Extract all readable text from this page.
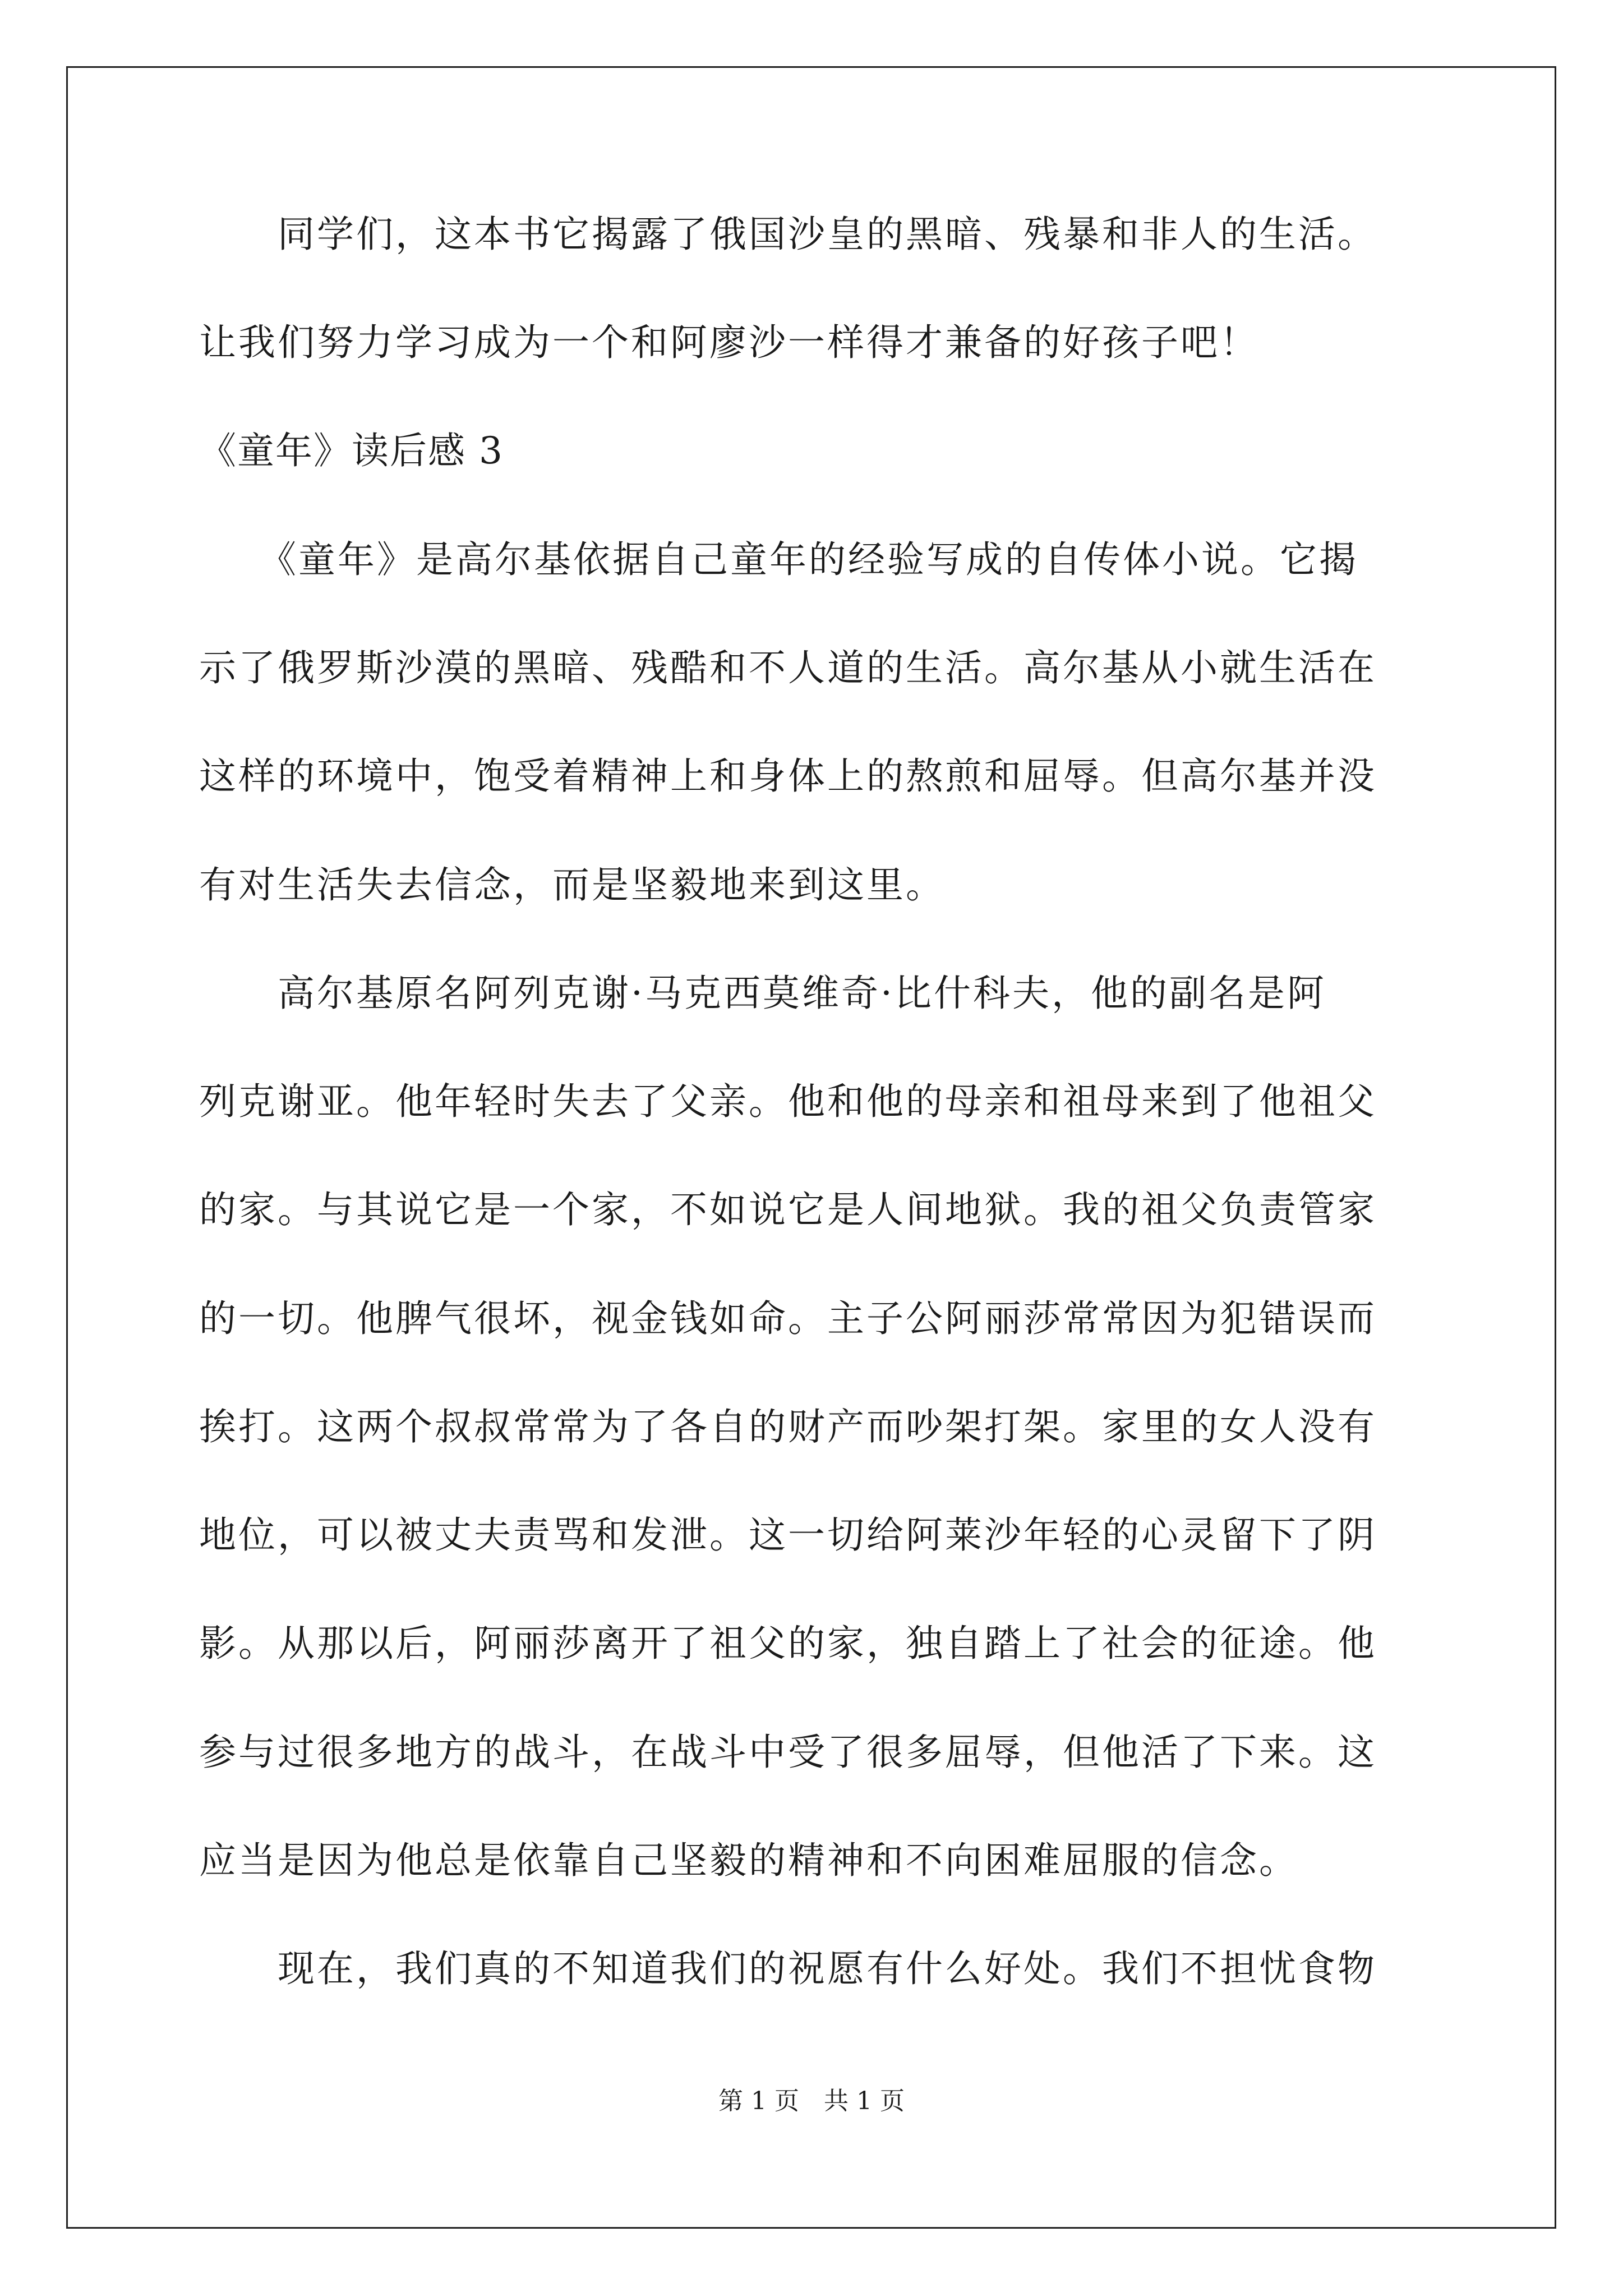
　　同学们，这本书它揭露了俄国沙皇的黑暗、残暴和非人的生活。

让我们努力学习成为一个和阿廖沙一样得才兼备的好孩子吧！

《童年》读后感 3

　　《童年》是高尔基依据自己童年的经验写成的自传体小说。它揭

示了俄罗斯沙漠的黑暗、残酷和不人道的生活。高尔基从小就生活在

这样的环境中，饱受着精神上和身体上的熬煎和屈辱。但高尔基并没

有对生活失去信念，而是坚毅地来到这里。

　　高尔基原名阿列克谢·马克西莫维奇·比什科夫，他的副名是阿

列克谢亚。他年轻时失去了父亲。他和他的母亲和祖母来到了他祖父

的家。与其说它是一个家，不如说它是人间地狱。我的祖父负责管家

的一切。他脾气很坏，视金钱如命。主子公阿丽莎常常因为犯错误而

挨打。这两个叔叔常常为了各自的财产而吵架打架。家里的女人没有

地位，可以被丈夫责骂和发泄。这一切给阿莱沙年轻的心灵留下了阴

影。从那以后，阿丽莎离开了祖父的家，独自踏上了社会的征途。他

参与过很多地方的战斗，在战斗中受了很多屈辱，但他活了下来。这

应当是因为他总是依靠自己坚毅的精神和不向困难屈服的信念。

　　现在，我们真的不知道我们的祝愿有什么好处。我们不担忧食物

第 1 页　共 1 页
